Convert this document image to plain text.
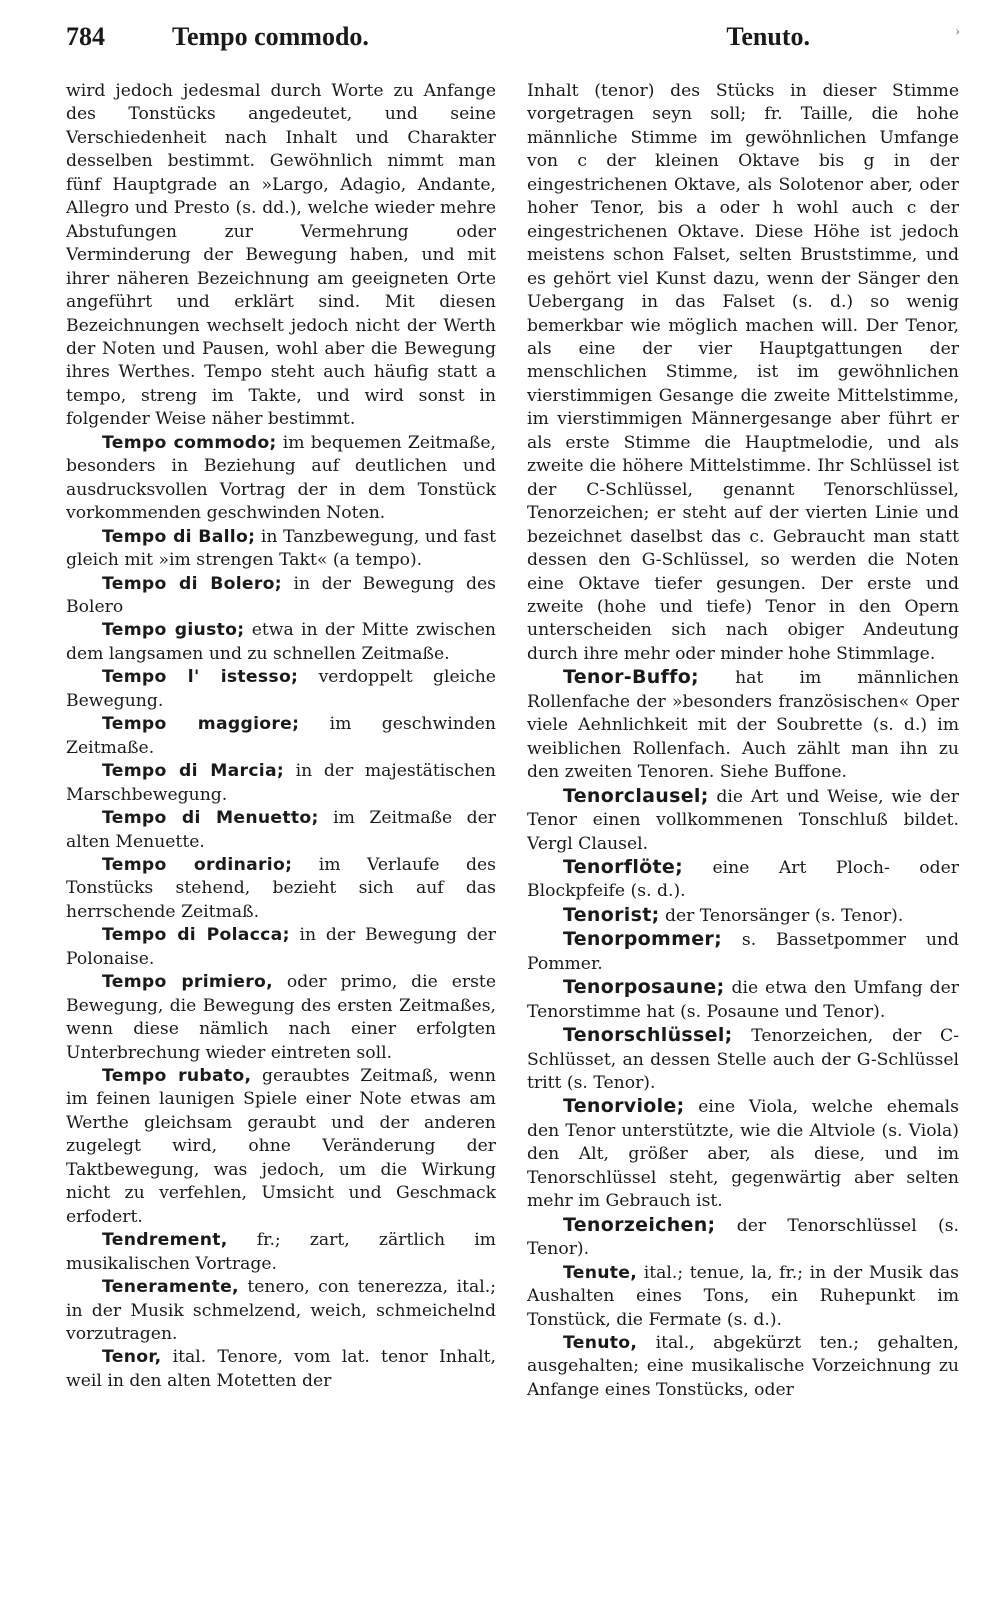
784	Tempo commodo.	Tenuto.	›

wird jedoch jedesmal durch Worte zu Anfange des Tonstücks angedeutet, und seine Verschiedenheit nach Inhalt und Charakter desselben bestimmt. Gewöhnlich nimmt man fünf Hauptgrade an »Largo, Adagio, Andante, Allegro und Presto (s. dd.), welche wieder mehre Abstufungen zur Vermehrung oder Verminderung der Bewegung haben, und mit ihrer näheren Bezeichnung am geeigneten Orte angeführt und erklärt sind. Mit diesen Bezeichnungen wechselt jedoch nicht der Werth der Noten und Pausen, wohl aber die Bewegung ihres Werthes. Tempo steht auch häufig statt a tempo, streng im Takte, und wird sonst in folgender Weise näher bestimmt.

Tempo commodo; im bequemen Zeitmaße, besonders in Beziehung auf deutlichen und ausdrucksvollen Vortrag der in dem Tonstück vorkommenden geschwinden Noten.

Tempo di Ballo; in Tanzbewegung, und fast gleich mit »im strengen Takt« (a tempo).

Tempo di Bolero; in der Bewegung des Bolero

Tempo giusto; etwa in der Mitte zwischen dem langsamen und zu schnellen Zeitmaße.

Tempo l' istesso; verdoppelt gleiche Bewegung.

Tempo maggiore; im geschwinden Zeitmaße.

Tempo di Marcia; in der majestätischen Marschbewegung.

Tempo di Menuetto; im Zeitmaße der alten Menuette.

Tempo ordinario; im Verlaufe des Tonstücks stehend, bezieht sich auf das herrschende Zeitmaß.

Tempo di Polacca; in der Bewegung der Polonaise.

Tempo primiero, oder primo, die erste Bewegung, die Bewegung des ersten Zeitmaßes, wenn diese nämlich nach einer erfolgten Unterbrechung wieder eintreten soll.

Tempo rubato, geraubtes Zeitmaß, wenn im feinen launigen Spiele einer Note etwas am Werthe gleichsam geraubt und der anderen zugelegt wird, ohne Veränderung der Taktbewegung, was jedoch, um die Wirkung nicht zu verfehlen, Umsicht und Geschmack erfodert.

Tendrement, fr.; zart, zärtlich im musikalischen Vortrage.

Teneramente, tenero, con tenerezza, ital.; in der Musik schmelzend, weich, schmeichelnd vorzutragen.

Tenor, ital. Tenore, vom lat. tenor Inhalt, weil in den alten Motetten der

Inhalt (tenor) des Stücks in dieser Stimme vorgetragen seyn soll; fr. Taille, die hohe männliche Stimme im gewöhnlichen Umfange von c der kleinen Oktave bis g in der eingestrichenen Oktave, als Solotenor aber, oder hoher Tenor, bis a oder h wohl auch c der eingestrichenen Oktave. Diese Höhe ist jedoch meistens schon Falset, selten Bruststimme, und es gehört viel Kunst dazu, wenn der Sänger den Uebergang in das Falset (s. d.) so wenig bemerkbar wie möglich machen will. Der Tenor, als eine der vier Hauptgattungen der menschlichen Stimme, ist im gewöhnlichen vierstimmigen Gesange die zweite Mittelstimme, im vierstimmigen Männergesange aber führt er als erste Stimme die Hauptmelodie, und als zweite die höhere Mittelstimme. Ihr Schlüssel ist der C-Schlüssel, genannt Tenorschlüssel, Tenorzeichen; er steht auf der vierten Linie und bezeichnet daselbst das c. Gebraucht man statt dessen den G-Schlüssel, so werden die Noten eine Oktave tiefer gesungen. Der erste und zweite (hohe und tiefe) Tenor in den Opern unterscheiden sich nach obiger Andeutung durch ihre mehr oder minder hohe Stimmlage.

Tenor-Buffo; hat im männlichen Rollenfache der »besonders französischen« Oper viele Aehnlichkeit mit der Soubrette (s. d.) im weiblichen Rollenfach. Auch zählt man ihn zu den zweiten Tenoren. Siehe Buffone.

Tenorclausel; die Art und Weise, wie der Tenor einen vollkommenen Tonschluß bildet. Vergl Clausel.

Tenorflöte; eine Art Ploch- oder Blockpfeife (s. d.).

Tenorist; der Tenorsänger (s. Tenor).

Tenorpommer; s. Bassetpommer und Pommer.

Tenorposaune; die etwa den Umfang der Tenorstimme hat (s. Posaune und Tenor).

Tenorschlüssel; Tenorzeichen, der C-Schlüsset, an dessen Stelle auch der G-Schlüssel tritt (s. Tenor).

Tenorviole; eine Viola, welche ehemals den Tenor unterstützte, wie die Altviole (s. Viola) den Alt, größer aber, als diese, und im Tenorschlüssel steht, gegenwärtig aber selten mehr im Gebrauch ist.

Tenorzeichen; der Tenorschlüssel (s. Tenor).

Tenute, ital.; tenue, la, fr.; in der Musik das Aushalten eines Tons, ein Ruhepunkt im Tonstück, die Fermate (s. d.).

Tenuto, ital., abgekürzt ten.; gehalten, ausgehalten; eine musikalische Vorzeichnung zu Anfange eines Tonstücks, oder
